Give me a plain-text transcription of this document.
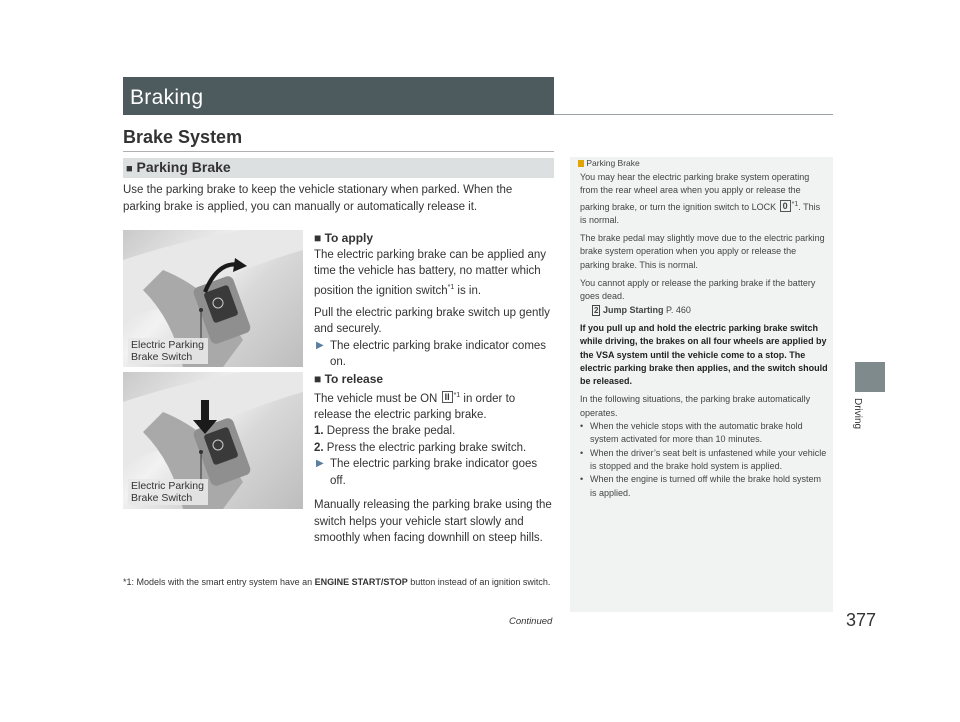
Braking
Brake System
■ Parking Brake
Use the parking brake to keep the vehicle stationary when parked. When the parking brake is applied, you can manually or automatically release it.
Electric Parking
Brake Switch
Electric Parking
Brake Switch
■ To apply
The electric parking brake can be applied any time the vehicle has battery, no matter which position the ignition switch$^{*1}$ is in.
Pull the electric parking brake switch up gently and securely.
▶ The electric parking brake indicator comes on.
■ To release
The vehicle must be ON II $^{*1}$ in order to release the electric parking brake.
1. Depress the brake pedal.
2. Press the electric parking brake switch.
▶ The electric parking brake indicator goes off.
Manually releasing the parking brake using the switch helps your vehicle start slowly and smoothly when facing downhill on steep hills.
*1: Models with the smart entry system have an ENGINE START/STOP button instead of an ignition switch.
Parking Brake
You may hear the electric parking brake system operating from the rear wheel area when you apply or release the parking brake, or turn the ignition switch to LOCK 0 $^{*1}$. This is normal.
The brake pedal may slightly move due to the electric parking brake system operation when you apply or release the parking brake. This is normal.
You cannot apply or release the parking brake if the battery goes dead.
2 Jump Starting P. 460
If you pull up and hold the electric parking brake switch while driving, the brakes on all four wheels are applied by the VSA system until the vehicle come to a stop. The electric parking brake then applies, and the switch should be released.
In the following situations, the parking brake automatically operates.
• When the vehicle stops with the automatic brake hold system activated for more than 10 minutes.
• When the driver’s seat belt is unfastened while your vehicle is stopped and the brake hold system is applied.
• When the engine is turned off while the brake hold system is applied.
Driving
Continued	377
